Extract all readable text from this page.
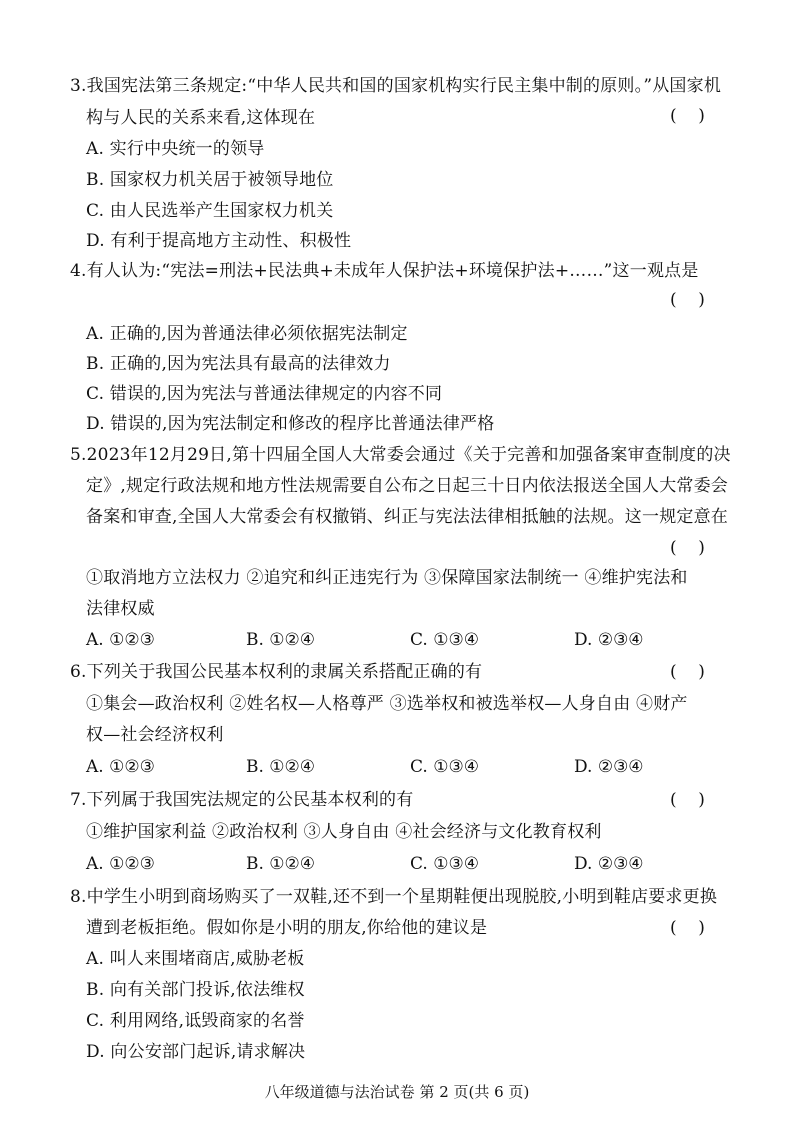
3.我国宪法第三条规定:“中华人民共和国的国家机构实行民主集中制的原则。”从国家机
构与人民的关系来看,这体现在	(    )
A. 实行中央统一的领导
B. 国家权力机关居于被领导地位
C. 由人民选举产生国家权力机关
D. 有利于提高地方主动性、积极性
4.有人认为:“宪法=刑法+民法典+未成年人保护法+环境保护法+……”这一观点是
(    )
A. 正确的,因为普通法律必须依据宪法制定
B. 正确的,因为宪法具有最高的法律效力
C. 错误的,因为宪法与普通法律规定的内容不同
D. 错误的,因为宪法制定和修改的程序比普通法律严格
5.2023年12月29日,第十四届全国人大常委会通过《关于完善和加强备案审查制度的决
定》,规定行政法规和地方性法规需要自公布之日起三十日内依法报送全国人大常委会
备案和审查,全国人大常委会有权撤销、纠正与宪法法律相抵触的法规。这一规定意在
(    )
①取消地方立法权力 ②追究和纠正违宪行为 ③保障国家法制统一 ④维护宪法和
法律权威
A. ①②③	B. ①②④	C. ①③④	D. ②③④
6.下列关于我国公民基本权利的隶属关系搭配正确的有	(    )
①集会—政治权利 ②姓名权—人格尊严 ③选举权和被选举权—人身自由 ④财产
权—社会经济权利
A. ①②③	B. ①②④	C. ①③④	D. ②③④
7.下列属于我国宪法规定的公民基本权利的有	(    )
①维护国家利益 ②政治权利 ③人身自由 ④社会经济与文化教育权利
A. ①②③	B. ①②④	C. ①③④	D. ②③④
8.中学生小明到商场购买了一双鞋,还不到一个星期鞋便出现脱胶,小明到鞋店要求更换
遭到老板拒绝。假如你是小明的朋友,你给他的建议是	(    )
A. 叫人来围堵商店,威胁老板
B. 向有关部门投诉,依法维权
C. 利用网络,诋毁商家的名誉
D. 向公安部门起诉,请求解决
八年级道德与法治试卷 第 2 页(共 6 页)
